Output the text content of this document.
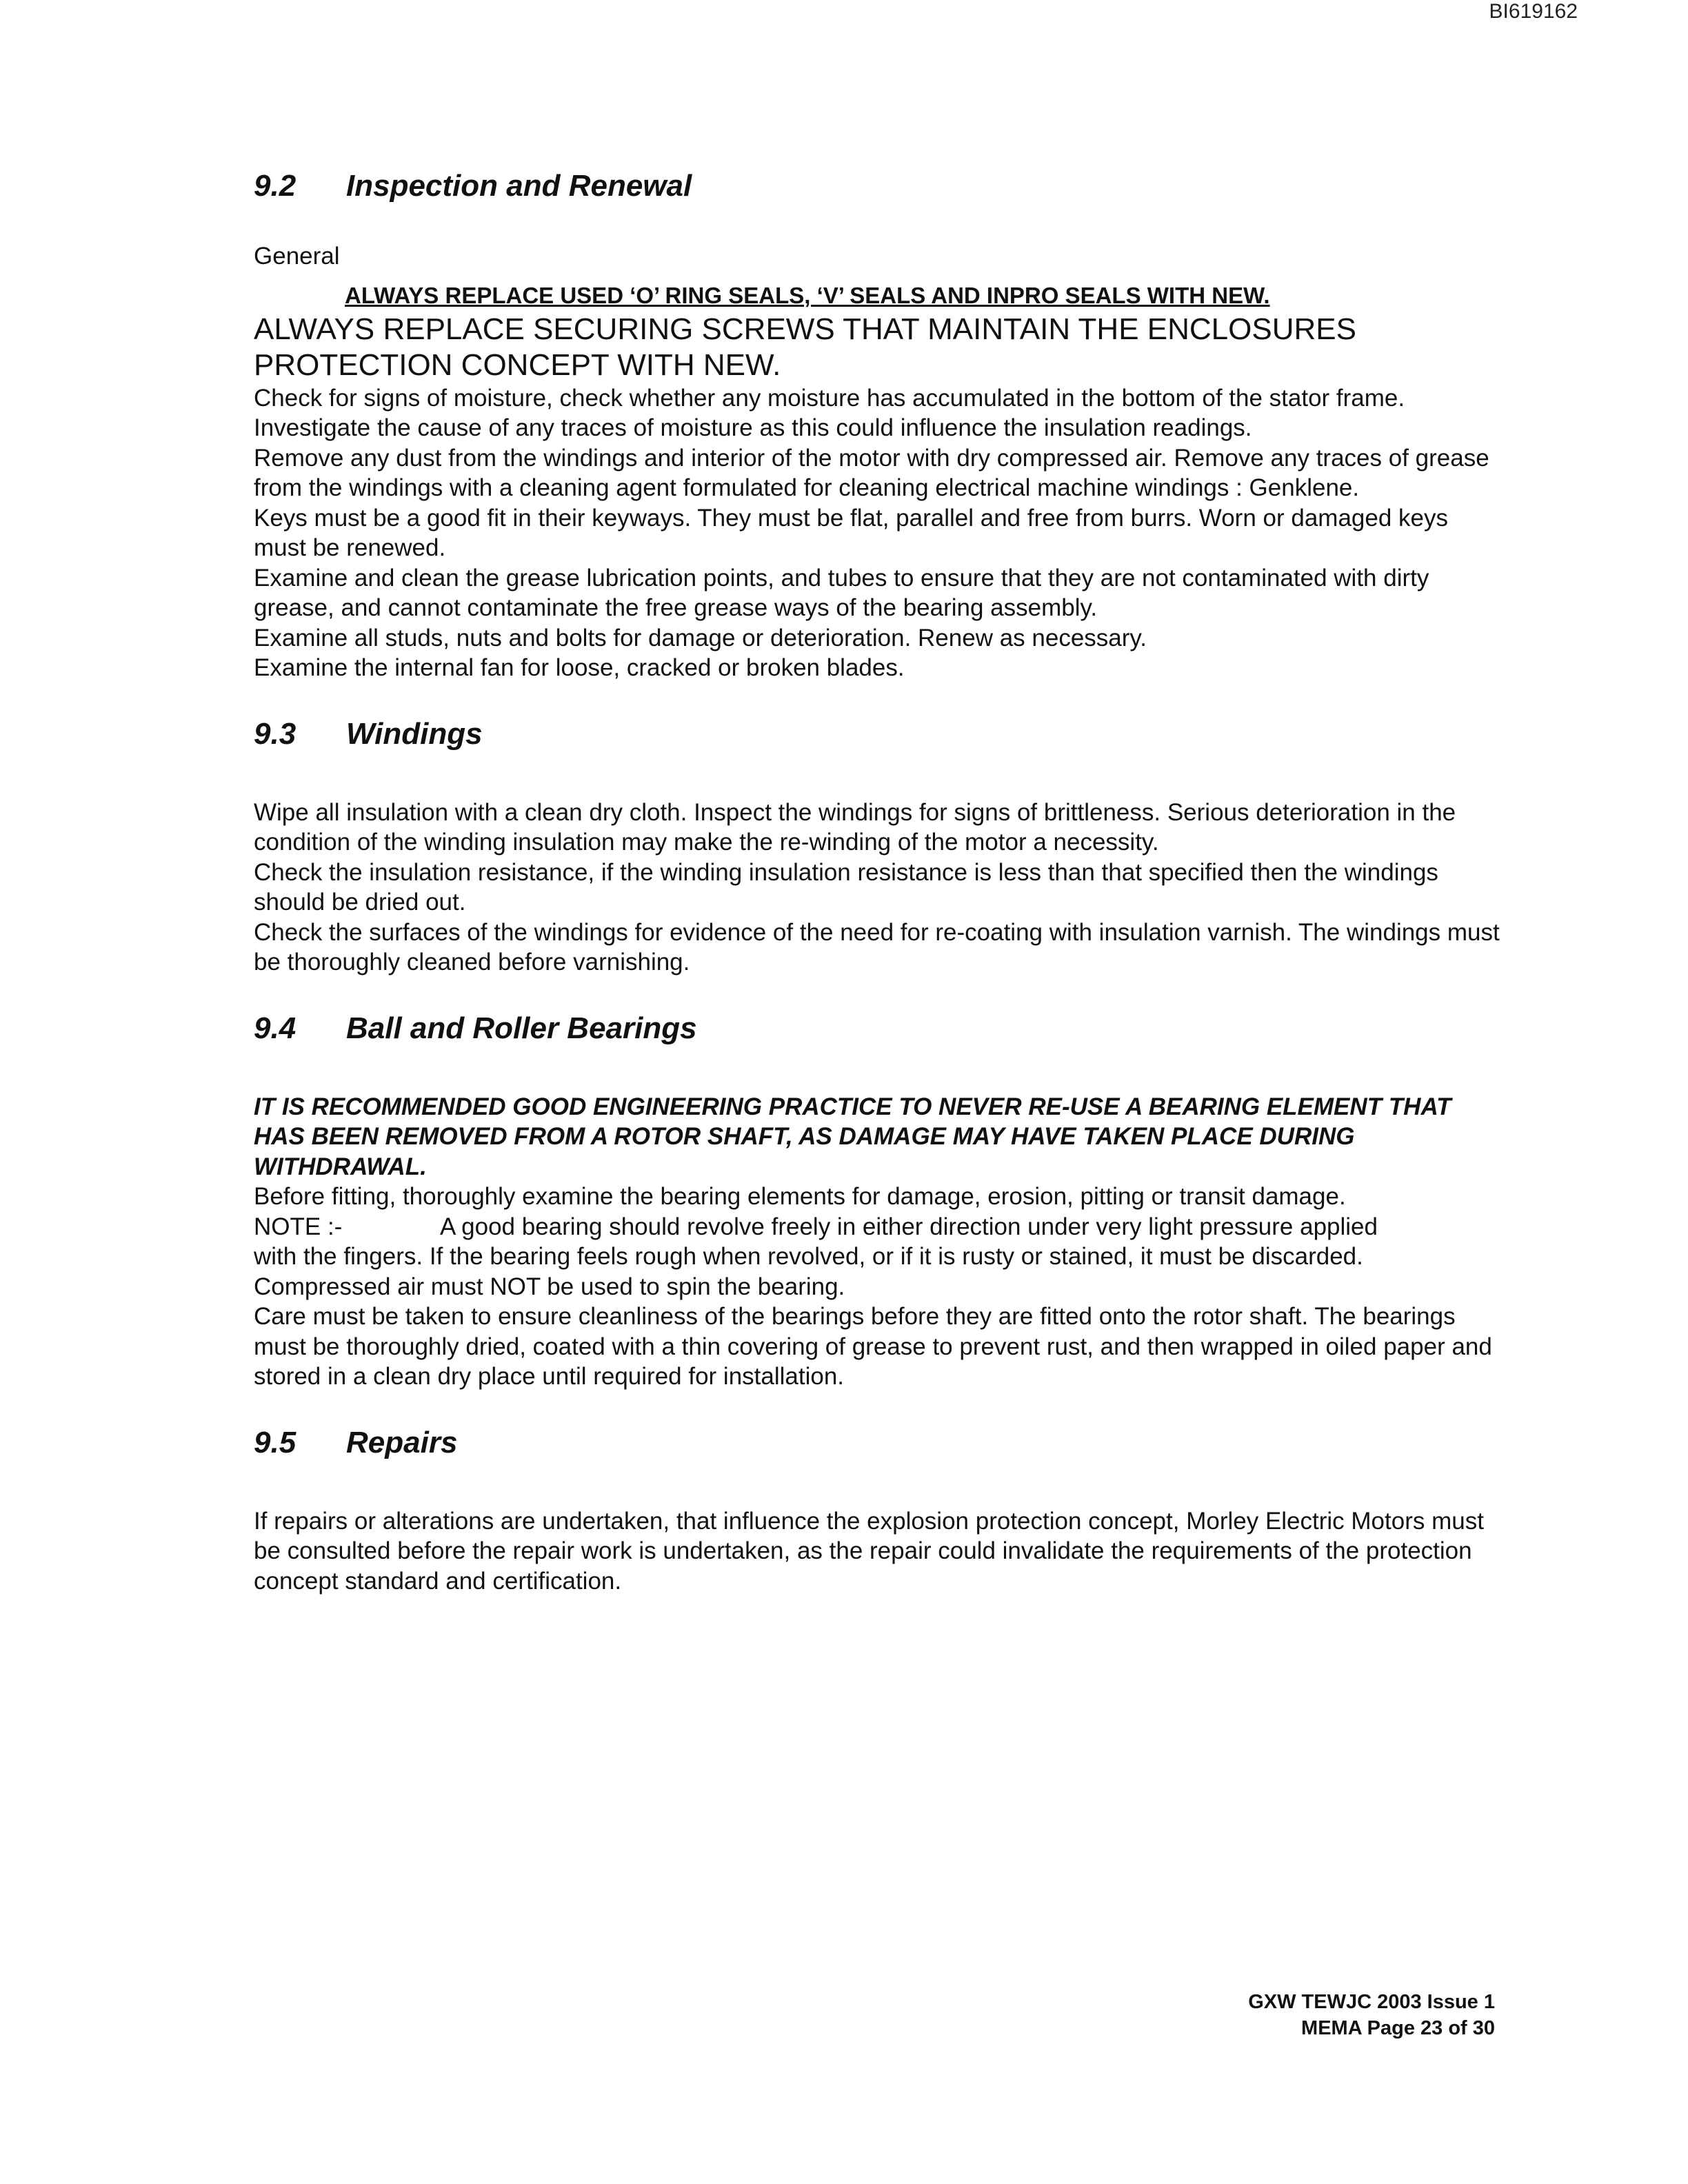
BI619162
9.2	Inspection and Renewal

General

ALWAYS REPLACE USED ‘O’ RING SEALS, ‘V’ SEALS AND INPRO SEALS WITH NEW.

ALWAYS REPLACE SECURING SCREWS THAT MAINTAIN THE ENCLOSURES PROTECTION CONCEPT WITH NEW.

Check for signs of moisture, check whether any moisture has accumulated in the bottom of the stator frame. Investigate the cause of any traces of moisture as this could influence the insulation readings.

Remove any dust from the windings and interior of the motor with dry compressed air. Remove any traces of grease from the windings with a cleaning agent formulated for cleaning electrical machine windings : Genklene.

Keys must be a good fit in their keyways. They must be flat, parallel and free from burrs. Worn or damaged keys must be renewed.

Examine and clean the grease lubrication points, and tubes to ensure that they are not contaminated with dirty grease, and cannot contaminate the free grease ways of the bearing assembly.

Examine all studs, nuts and bolts for damage or deterioration. Renew as necessary.

Examine the internal fan for loose, cracked or broken blades.

9.3	Windings

Wipe all insulation with a clean dry cloth. Inspect the windings for signs of brittleness. Serious deterioration in the condition of the winding insulation may make the re-winding of the motor a necessity.

Check the insulation resistance, if the winding insulation resistance is less than that specified then the windings should be dried out.

Check the surfaces of the windings for evidence of the need for re-coating with insulation varnish. The windings must be thoroughly cleaned before varnishing.

9.4	Ball and Roller Bearings

IT IS RECOMMENDED GOOD ENGINEERING PRACTICE TO NEVER RE-USE A BEARING ELEMENT THAT HAS BEEN REMOVED FROM A ROTOR SHAFT, AS DAMAGE MAY HAVE TAKEN PLACE DURING WITHDRAWAL.

Before fitting, thoroughly examine the bearing elements for damage, erosion, pitting or transit damage.

NOTE :-	A good bearing should revolve freely in either direction under very light pressure applied

with the fingers. If the bearing feels rough when revolved, or if it is rusty or stained, it must be discarded. Compressed air must NOT be used to spin the bearing.

Care must be taken to ensure cleanliness of the bearings before they are fitted onto the rotor shaft. The bearings must be thoroughly dried, coated with a thin covering of grease to prevent rust, and then wrapped in oiled paper and stored in a clean dry place until required for installation.

9.5	Repairs

If repairs or alterations are undertaken, that influence the explosion protection concept, Morley Electric Motors must be consulted before the repair work is undertaken, as the repair could invalidate the requirements of the protection concept standard and certification.

GXW TEWJC 2003 Issue 1
MEMA Page 23 of 30
